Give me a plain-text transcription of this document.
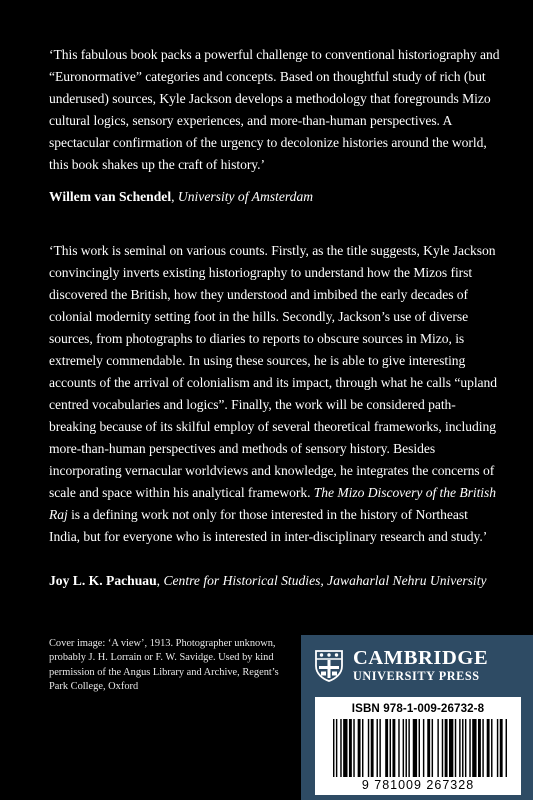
‘This fabulous book packs a powerful challenge to conventional historiography and “Euronormative” categories and concepts. Based on thoughtful study of rich (but underused) sources, Kyle Jackson develops a methodology that foregrounds Mizo cultural logics, sensory experiences, and more-than-human perspectives. A spectacular confirmation of the urgency to decolonize histories around the world, this book shakes up the craft of history.’

Willem van Schendel, University of Amsterdam

‘This work is seminal on various counts. Firstly, as the title suggests, Kyle Jackson convincingly inverts existing historiography to understand how the Mizos first discovered the British, how they understood and imbibed the early decades of colonial modernity setting foot in the hills. Secondly, Jackson’s use of diverse sources, from photographs to diaries to reports to obscure sources in Mizo, is extremely commendable. In using these sources, he is able to give interesting accounts of the arrival of colonialism and its impact, through what he calls “upland centred vocabularies and logics”. Finally, the work will be considered path-breaking because of its skilful employ of several theoretical frameworks, including more-than-human perspectives and methods of sensory history. Besides incorporating vernacular worldviews and knowledge, he integrates the concerns of scale and space within his analytical framework. The Mizo Discovery of the British Raj is a defining work not only for those interested in the history of Northeast India, but for everyone who is interested in inter-disciplinary research and study.’

Joy L. K. Pachuau, Centre for Historical Studies, Jawaharlal Nehru University

Cover image: ‘A view’, 1913. Photographer unknown, probably J. H. Lorrain or F. W. Savidge. Used by kind permission of the Angus Library and Archive, Regent’s Park College, Oxford

CAMBRIDGE
UNIVERSITY PRESS
ISBN 978-1-009-26732-8
9 781009 267328
